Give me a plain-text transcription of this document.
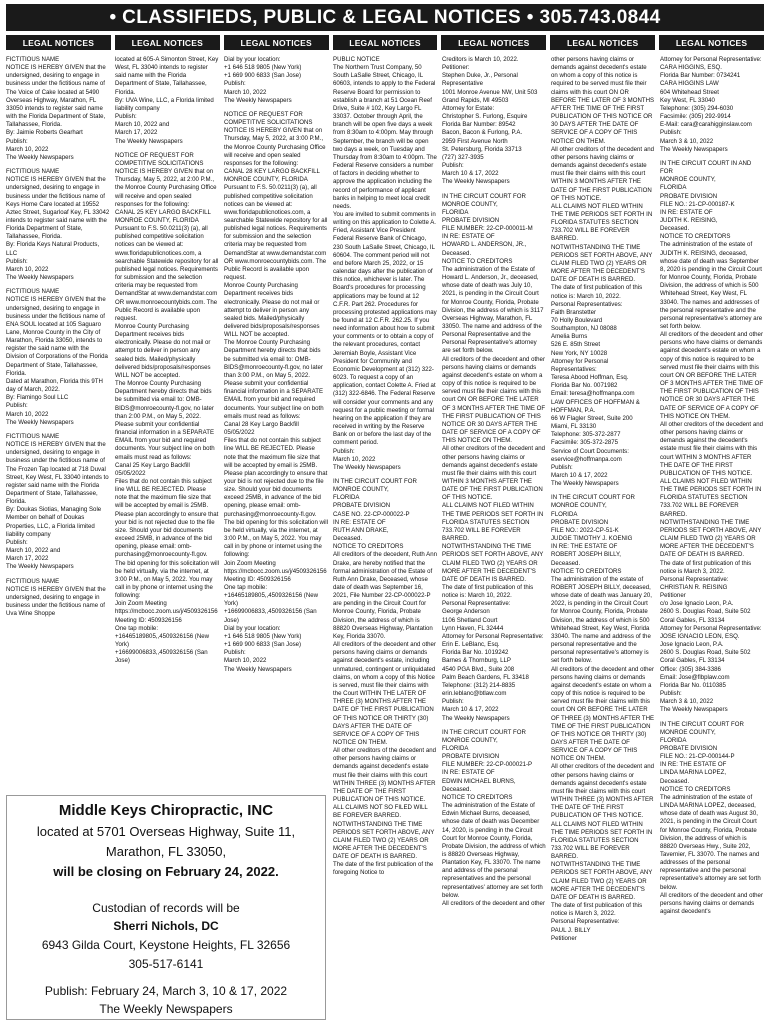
• CLASSIFIEDS, PUBLIC & LEGAL NOTICES • 305.743.0844
LEGAL NOTICES	LEGAL NOTICES	LEGAL NOTICES	LEGAL NOTICES	LEGAL NOTICES	LEGAL NOTICES	LEGAL NOTICES

FICTITIOUS NAME
NOTICE IS HEREBY GIVEN that the undersigned, desiring to engage in business under the fictitious name of The Voice of Cake located at 5490 Overseas Highway, Marathon, FL 33050 intends to register said name with the Florida Department of State, Tallahassee, Florida.
By: Jaimie Roberts Gearhart
Publish:
March 10, 2022
The Weekly Newspapers

FICTITIOUS NAME
NOTICE IS HEREBY GIVEN that the undersigned, desiring to engage in business under the fictitious name of Keys Home Care located at 19552 Aztec Street, Sugarloaf Key, FL 33042 intends to register said name with the Florida Department of State, Tallahassee, Florida.
By: Florida Keys Natural Products, LLC
Publish:
March 10, 2022
The Weekly Newspapers

FICTITIOUS NAME
NOTICE IS HEREBY GIVEN that the undersigned, desiring to engage in business under the fictitious name of ENA SOUL located at 105 Saguaro Lane, Monroe County in the City of Marathon, Florida 33050, intends to register the said name with the Division of Corporations of the Florida Department of State, Tallahassee, Florida.
Dated at Marathon, Florida this 9TH day of March, 2022.
By: Flamingo Soul LLC
Publish:
March 10, 2022
The Weekly Newspapers

FICTITIOUS NAME
NOTICE IS HEREBY GIVEN that the undersigned, desiring to engage in business under the fictitious name of The Frozen Tap located at 718 Duval Street, Key West, FL 33040 intends to register said name with the Florida Department of State, Tallahassee, Florida.
By: Doukas Siotias, Managing Sole Member on behalf of Doukas Properties, LLC, a Florida limited liability company
Publish:
March 10, 2022 and
March 17, 2022
The Weekly Newspapers

FICTITIOUS NAME
NOTICE IS HEREBY GIVEN that the undersigned, desiring to engage in business under the fictitious name of Uva Wine Shoppe

located at 605-A Simonton Street, Key West, FL 33040 intends to register said name with the Florida Department of State, Tallahassee, Florida.
By: UVA Wine, LLC, a Florida limited liability company
Publish:
March 10, 2022 and
March 17, 2022
The Weekly Newspapers

NOTICE OF REQUEST FOR COMPETITIVE SOLICITATIONS
NOTICE IS HEREBY GIVEN that on Thursday, May 5, 2022, at 2:00 P.M., the Monroe County Purchasing Office will receive and open sealed responses for the following:
CANAL 25 KEY LARGO BACKFILL MONROE COUNTY, FLORIDA
Pursuant to F.S. 50.0211(3) (a), all published competitive solicitation notices can be viewed at: www.floridapublicnotices.com, a searchable Statewide repository for all published legal notices. Requirements for submission and the selection criteria may be requested from DemandStar at www.demandstar.com OR www.monroecountybids.com. The Public Record is available upon request.
Monroe County Purchasing Department receives bids electronically. Please do not mail or attempt to deliver in person any sealed bids. Mailed/physically delivered bids/proposals/responses WILL NOT be accepted.
The Monroe County Purchasing Department hereby directs that bids be submitted via email to: OMB-BIDS@monroecounty-fl.gov, no later than 2:00 P.M., on May 5, 2022. Please submit your confidential financial information in a SEPARATE EMAIL from your bid and required documents. Your subject line on both emails must read as follows:
Canal 25 Key Largo Backfill 05/05/2022
Files that do not contain this subject line WILL BE REJECTED. Please note that the maximum file size that will be accepted by email is 25MB. Please plan accordingly to ensure that your bid is not rejected due to the file size. Should your bid documents exceed 25MB, in advance of the bid opening, please email: omb-purchasing@monroecounty-fl.gov. The bid opening for this solicitation will be held virtually, via the internet, at 3:00 P.M., on May 5, 2022. You may call in by phone or internet using the following:
Join Zoom Meeting
https://mcbocc.zoom.us/j/4509326156
Meeting ID: 4509326156
One tap mobile:
+16465189805,,4509326156 (New York)
+16699006833,,4509326156 (San Jose)

Dial by your location:
+1 646 518 9805 (New York)
+1 669 900 6833 (San Jose)
Publish:
March 10, 2022
The Weekly Newspapers

NOTICE OF REQUEST FOR COMPETITIVE SOLICITATIONS
NOTICE IS HEREBY GIVEN that on Thursday, May 5, 2022, at 3:00 P.M., the Monroe County Purchasing Office will receive and open sealed responses for the following:
CANAL 28 KEY LARGO BACKFILL MONROE COUNTY, FLORIDA
Pursuant to F.S. 50.0211(3) (a), all published competitive solicitation notices can be viewed at: www.floridapublicnotices.com, a searchable Statewide repository for all published legal notices. Requirements for submission and the selection criteria may be requested from DemandStar at www.demandstar.com OR www.monroecountybids.com. The Public Record is available upon request.
Monroe County Purchasing Department receives bids electronically. Please do not mail or attempt to deliver in person any sealed bids. Mailed/physically delivered bids/proposals/responses WILL NOT be accepted.
The Monroe County Purchasing Department hereby directs that bids be submitted via email to: OMB-BIDS@monroecounty-fl.gov, no later than 3:00 P.M., on May 5, 2022. Please submit your confidential financial information in a SEPARATE EMAIL from your bid and required documents. Your subject line on both emails must read as follows:
Canal 28 Key Largo Backfill 05/05/2022
Files that do not contain this subject line WILL BE REJECTED. Please note that the maximum file size that will be accepted by email is 25MB. Please plan accordingly to ensure that your bid is not rejected due to the file size. Should your bid documents exceed 25MB, in advance of the bid opening, please email: omb-purchasing@monroecounty-fl.gov. The bid opening for this solicitation will be held virtually, via the internet, at 3:00 P.M., on May 5, 2022. You may call in by phone or internet using the following:
Join Zoom Meeting
https://mcbocc.zoom.us/j/4509326156
Meeting ID: 4509326156
One tap mobile:
+16465189805,,4509326156 (New York)
+16699006833,,4509326156 (San Jose)
Dial by your location:
+1 646 518 9805 (New York)
+1 669 900 6833 (San Jose)
Publish:
March 10, 2022
The Weekly Newspapers

PUBLIC NOTICE
The Northern Trust Company, 50 South LaSalle Street, Chicago, IL 60603, intends to apply to the Federal Reserve Board for permission to establish a branch at 51 Ocean Reef Drive, Suite # 102, Key Largo FL 33037. October through April, the branch will be open five days a week from 8:30am to 4:00pm. May through September, the branch will be open two days a week, on Tuesday and Thursday from 8:30am to 4:00pm. The Federal Reserve considers a number of factors in deciding whether to approve the application including the record of performance of applicant banks in helping to meet local credit needs.
You are invited to submit comments in writing on this application to Colette A. Fried, Assistant Vice President Federal Reserve Bank of Chicago, 230 South LaSalle Street, Chicago, IL 60604. The comment period will not end before March 25, 2022, or 15 calendar days after the publication of this notice, whichever is later. The Board's procedures for processing applications may be found at 12 C.F.R. Part 262. Procedures for processing protested applications may be found at 12 C.F.R. 262.25. If you need information about how to submit your comments or to obtain a copy of the relevant procedures, contact Jeremiah Boyle, Assistant Vice President for Community and Economic Development at (312) 322-6023. To request a copy of an application, contact Colette A. Fried at (312) 322-6846. The Federal Reserve will consider your comments and any request for a public meeting or formal hearing on the application if they are received in writing by the Reserve Bank on or before the last day of the comment period.
Publish:
March 10, 2022
The Weekly Newspapers

IN THE CIRCUIT COURT FOR
MONROE COUNTY,
FLORIDA
PROBATE DIVISION
CASE NO. 22-CP-000022-P
IN RE: ESTATE OF
RUTH ANN DRAKE,
Deceased.
NOTICE TO CREDITORS
All creditors of the decedent, Ruth Ann Drake, are hereby notified that the formal administration of the Estate of Ruth Ann Drake, Deceased, whose date of death was September 16, 2021, File Number 22-CP-000022-P are pending in the Circuit Court for Monroe County, Florida, Probate Division, the address of which is 88820 Overseas Highway, Plantation Key, Florida 33070.
All creditors of the decedent and other persons having claims or demands against decedent's estate, including unmatured, contingent or unliquidated claims, on whom a copy of this Notice is served, must file their claims with the Court WITHIN THE LATER OF THREE (3) MONTHS AFTER THE DATE OF THE FIRST PUBLICATION OF THIS NOTICE OR THIRTY (30) DAYS AFTER THE DATE OF SERVICE OF A COPY OF THIS NOTICE ON THEM.
All other creditors of the decedent and other persons having claims or demands against decedent's estate must file their claims with this court WITHIN THREE (3) MONTHS AFTER THE DATE OF THE FIRST PUBLICATION OF THIS NOTICE.
ALL CLAIMS NOT SO FILED WILL BE FOREVER BARRED.
NOTWITHSTANDING THE TIME PERIODS SET FORTH ABOVE, ANY CLAIM FILED TWO (2) YEARS OR MORE AFTER THE DECEDENT'S DATE OF DEATH IS BARRED.
The date of the first publication of the foregoing Notice to

Creditors is March 10, 2022.
Petitioner:
Stephen Duke, Jr., Personal Representative
1001 Monroe Avenue NW, Unit 503
Grand Rapids, MI 49503
Attorney for Estate:
Christopher S. Furlong, Esquire
Florida Bar Number: 89542
Bacon, Bacon & Furlong, P.A.
2959 First Avenue North
St. Petersburg, Florida 33713
(727) 327-3935
Publish:
March 10 & 17, 2022
The Weekly Newspapers

IN THE CIRCUIT COURT FOR
MONROE COUNTY,
FLORIDA
PROBATE DIVISION
FILE NUMBER: 22-CP-000011-M
IN RE: ESTATE OF
HOWARD L. ANDERSON, JR.,
Deceased.
NOTICE TO CREDITORS
The administration of the Estate of Howard L. Anderson, Jr., deceased, whose date of death was July 10, 2021, is pending in the Circuit Court for Monroe County, Florida, Probate Division, the address of which is 3117 Overseas Highway, Marathon, FL 33050. The name and address of the Personal Representative and the Personal Representative's attorney are set forth below.
All creditors of the decedent and other persons having claims or demands against decedent's estate on whom a copy of this notice is required to be served must file their claims with this court ON OR BEFORE THE LATER OF 3 MONTHS AFTER THE TIME OF THE FIRST PUBLICATION OF THIS NOTICE OR 30 DAYS AFTER THE DATE OF SERVICE OF A COPY OF THIS NOTICE ON THEM.
All other creditors of the decedent and other persons having claims or demands against decedent's estate must file their claims with this court WITHIN 3 MONTHS AFTER THE DATE OF THE FIRST PUBLICATION OF THIS NOTICE.
ALL CLAIMS NOT FILED WITHIN THE TIME PERIODS SET FORTH IN FLORIDA STATUTES SECTION 733.702 WILL BE FOREVER BARRED.
NOTWITHSTANDING THE TIME PERIODS SET FORTH ABOVE, ANY CLAIM FILED TWO (2) YEARS OR MORE AFTER THE DECEDENT'S DATE OF DEATH IS BARRED.
The date of first publication of this notice is: March 10, 2022.
Personal Representative:
George Anderson
1106 Shetland Court
Lynn Haven, FL 32444
Attorney for Personal Representative:
Erin E. LeBlanc, Esq.
Florida Bar No. 1019242
Barnes & Thornburg, LLP
4540 PGA Blvd., Suite 208
Palm Beach Gardens, FL 33418
Telephone: (312) 214-8835
erin.leblanc@btlaw.com
Publish:
March 10 & 17, 2022
The Weekly Newspapers

IN THE CIRCUIT COURT FOR
MONROE COUNTY,
FLORIDA
PROBATE DIVISION
FILE NUMBER: 22-CP-000021-P
IN RE: ESTATE OF
EDWIN MICHAEL BURNS,
Deceased.
NOTICE TO CREDITORS
The administration of the Estate of Edwin Michael Burns, deceased, whose date of death was December 14, 2020, is pending in the Circuit Court for Monroe County, Florida, Probate Division, the address of which is 88820 Overseas Highway, Plantation Key, FL 33070. The name and address of the personal representatives and the personal representatives' attorney are set forth below.
All creditors of the decedent and other

other persons having claims or demands against decedent's estate on whom a copy of this notice is required to be served must file their claims with this court ON OR BEFORE THE LATER OF 3 MONTHS AFTER THE TIME OF THE FIRST PUBLICATION OF THIS NOTICE OR 30 DAYS AFTER THE DATE OF SERVICE OF A COPY OF THIS NOTICE ON THEM.
All other creditors of the decedent and other persons having claims or demands against decedent's estate must file their claims with this court WITHIN 3 MONTHS AFTER THE DATE OF THE FIRST PUBLICATION OF THIS NOTICE.
ALL CLAIMS NOT FILED WITHIN THE TIME PERIODS SET FORTH IN FLORIDA STATUTES SECTION 733.702 WILL BE FOREVER BARRED.
NOTWITHSTANDING THE TIME PERIODS SET FORTH ABOVE, ANY CLAIM FILED TWO (2) YEARS OR MORE AFTER THE DECEDENT'S DATE OF DEATH IS BARRED.
The date of first publication of this notice is: March 10, 2022.
Personal Representatives:
Faith Branstetter
70 Holly Boulevard
Southampton, NJ 08088
Amelia Burns
526 E. 85th Street
New York, NY 10028
Attorney for Personal Representatives:
Teresa Abood Hoffman, Esq.
Florida Bar No. 0071982
Email: teresa@hoffmanpa.com
LAW OFFICES OF HOFFMAN & HOFFMAN, P.A.
66 W Flagler Street, Suite 200
Miami, FL 33130
Telephone: 305-372-2877
Facsimile: 305-372-2875
Service of Court Documents:
eservice@hoffmanpa.com
Publish:
March 10 & 17, 2022
The Weekly Newspapers

IN THE CIRCUIT COURT FOR MONROE COUNTY,
FLORIDA
PROBATE DIVISION
FILE NO.: 2022-CP-51-K
JUDGE TIMOTHY J. KOENIG
IN RE: THE ESTATE OF
ROBERT JOSEPH BILLY,
Deceased.
NOTICE TO CREDITORS
The administration of the estate of ROBERT JOSEPH BILLY, deceased, whose date of death was January 20, 2022, is pending in the Circuit Court for Monroe County, Florida, Probate Division, the address of which is 500 Whitehead Street, Key West, Florida 33040. The name and address of the personal representative and the personal representative's attorney is set forth below.
All creditors of the decedent and other persons having claims or demands against decedent's estate on whom a copy of this notice is required to be served must file their claims with this court ON OR BEFORE THE LATER OF THREE (3) MONTHS AFTER THE TIME OF THE FIRST PUBLICATION OF THIS NOTICE OR THIRTY (30) DAYS AFTER THE DATE OF SERVICE OF A COPY OF THIS NOTICE ON THEM.
All other creditors of the decedent and other persons having claims or demands against decedent's estate must file their claims with this court WITHIN THREE (3) MONTHS AFTER THE DATE OF THE FIRST PUBLICATION OF THIS NOTICE.
ALL CLAIMS NOT FILED WITHIN THE TIME PERIODS SET FORTH IN FLORIDA STATUTES SECTION 733.702 WILL BE FOREVER BARRED.
NOTWITHSTANDING THE TIME PERIODS SET FORTH ABOVE, ANY CLAIM FILED TWO (2) YEARS OR MORE AFTER THE DECEDENT'S DATE OF DEATH IS BARRED.
The date of first publication of this notice is March 3, 2022.
Personal Representative:
PAUL J. BILLY
Petitioner

Attorney for Personal Representative:
CARA HIGGINS, ESQ.
Florida Bar Number: 0734241
CARA HIGGINS LAW
604 Whitehead Street
Key West, FL 33040
Telephone: (305) 294-6030
Facsimile: (305) 292-9914
E-Mail: cara@carahigginslaw.com
Publish:
March 3 & 10, 2022
The Weekly Newspapers

IN THE CIRCUIT COURT IN AND FOR
MONROE COUNTY,
FLORIDA
PROBATE DIVISION
FILE NO.: 21-CP-000187-K
IN RE: ESTATE OF
JUDITH K. REISING,
Deceased.
NOTICE TO CREDITORS
The administration of the estate of JUDITH K. REISING, deceased, whose date of death was September 8, 2020 is pending in the Circuit Court for Monroe County, Florida, Probate Division, the address of which is 500 Whitehead Street, Key West, FL 33040. The names and addresses of the personal representative and the personal representative's attorney are set forth below.
All creditors of the decedent and other persons who have claims or demands against decedent's estate on whom a copy of this notice is required to be served must file their claims with this court ON OR BEFORE THE LATER OF 3 MONTHS AFTER THE TIME OF THE FIRST PUBLICATION OF THIS NOTICE OR 30 DAYS AFTER THE DATE OF SERVICE OF A COPY OF THIS NOTICE ON THEM.
All other creditors of the decedent and other persons having claims or demands against the decedent's estate must file their claims with this court WITHIN 3 MONTHS AFTER THE DATE OF THE FIRST PUBLICATION OF THIS NOTICE.
ALL CLAIMS NOT FILED WITHIN THE TIME PERIODS SET FORTH IN FLORIDA STATUTES SECTION 733.702 WILL BE FOREVER BARRED.
NOTWITHSTANDING THE TIME PERIODS SET FORTH ABOVE, ANY CLAIM FILED TWO (2) YEARS OR MORE AFTER THE DECEDENT'S DATE OF DEATH IS BARRED.
The date of first publication of this notice is March 3, 2022.
Personal Representative:
CHRISTIAN R. REISING
Petitioner
c/o Jose Ignacio Leon, P.A.
2600 S. Douglas Road, Suite 502
Coral Gables, FL 33134
Attorney for Personal Representative:
JOSE IGNACIO LEON, ESQ.
Jose Ignacio Leon, P.A.
2600 S. Douglas Road, Suite 502
Coral Gables, FL 33134
Office: (305) 384-3386
Email: Jose@flbplaw.com
Florida Bar No. 0110385
Publish:
March 3 & 10, 2022
The Weekly Newspapers

IN THE CIRCUIT COURT FOR
MONROE COUNTY,
FLORIDA
PROBATE DIVISION
FILE NO.: 21-CP-000144-P
IN RE: THE ESTATE OF
LINDA MARINA LOPEZ,
Deceased.
NOTICE TO CREDITORS
The administration of the estate of LINDA MARINA LOPEZ, deceased, whose date of death was August 30, 2021, is pending in the Circuit Court for Monroe County, Florida, Probate Division, the address of which is 88820 Overseas Hwy., Suite 202, Tavernier, FL 33070. The names and addresses of the personal representative and the personal representative's attorney are set forth below.
All creditors of the decedent and other persons having claims or demands against decedent's

Middle Keys Chiropractic, INC
located at 5701 Overseas Highway, Suite 11,
Marathon, FL 33050,
will be closing on February 24, 2022.
Custodian of records will be
Sherri Nichols, DC
6943 Gilda Court, Keystone Heights, FL 32656
305-517-6141
Publish: February 24, March 3, 10 & 17, 2022
The Weekly Newspapers
